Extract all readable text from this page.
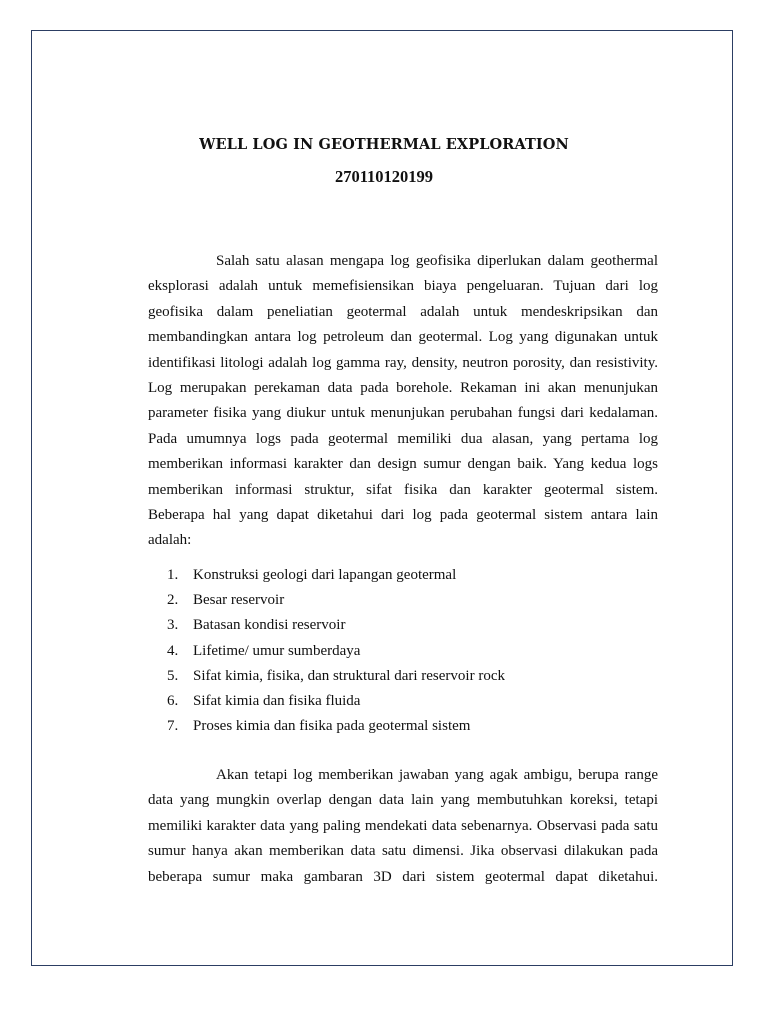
WELL LOG IN GEOTHERMAL EXPLORATION
270110120199
Salah satu alasan mengapa log geofisika diperlukan dalam geothermal
eksplorasi adalah untuk memefisiensikan biaya pengeluaran. Tujuan dari log
geofisika dalam peneliatian geotermal adalah untuk mendeskripsikan dan
membandingkan antara log petroleum dan geotermal. Log yang digunakan untuk
identifikasi litologi adalah log gamma ray, density, neutron porosity, dan resistivity.
Log merupakan perekaman data pada borehole. Rekaman ini akan menunjukan
parameter fisika yang diukur untuk menunjukan perubahan fungsi dari kedalaman.
Pada umumnya logs pada geotermal memiliki dua alasan, yang pertama log
memberikan informasi karakter dan design sumur dengan baik. Yang kedua logs
memberikan informasi struktur, sifat fisika dan karakter geotermal sistem.
Beberapa hal yang dapat diketahui dari log pada geotermal sistem antara lain
adalah:
1. Konstruksi geologi dari lapangan geotermal
2. Besar reservoir
3. Batasan kondisi reservoir
4. Lifetime/ umur sumberdaya
5. Sifat kimia, fisika, dan struktural dari reservoir rock
6. Sifat kimia dan fisika fluida
7. Proses kimia dan fisika pada geotermal sistem
Akan tetapi log memberikan jawaban yang agak ambigu, berupa range
data yang mungkin overlap dengan data lain yang membutuhkan koreksi, tetapi
memiliki karakter data yang paling mendekati data sebenarnya. Observasi pada satu
sumur hanya akan memberikan data satu dimensi. Jika observasi dilakukan pada
beberapa sumur maka gambaran 3D dari sistem geotermal dapat diketahui.
